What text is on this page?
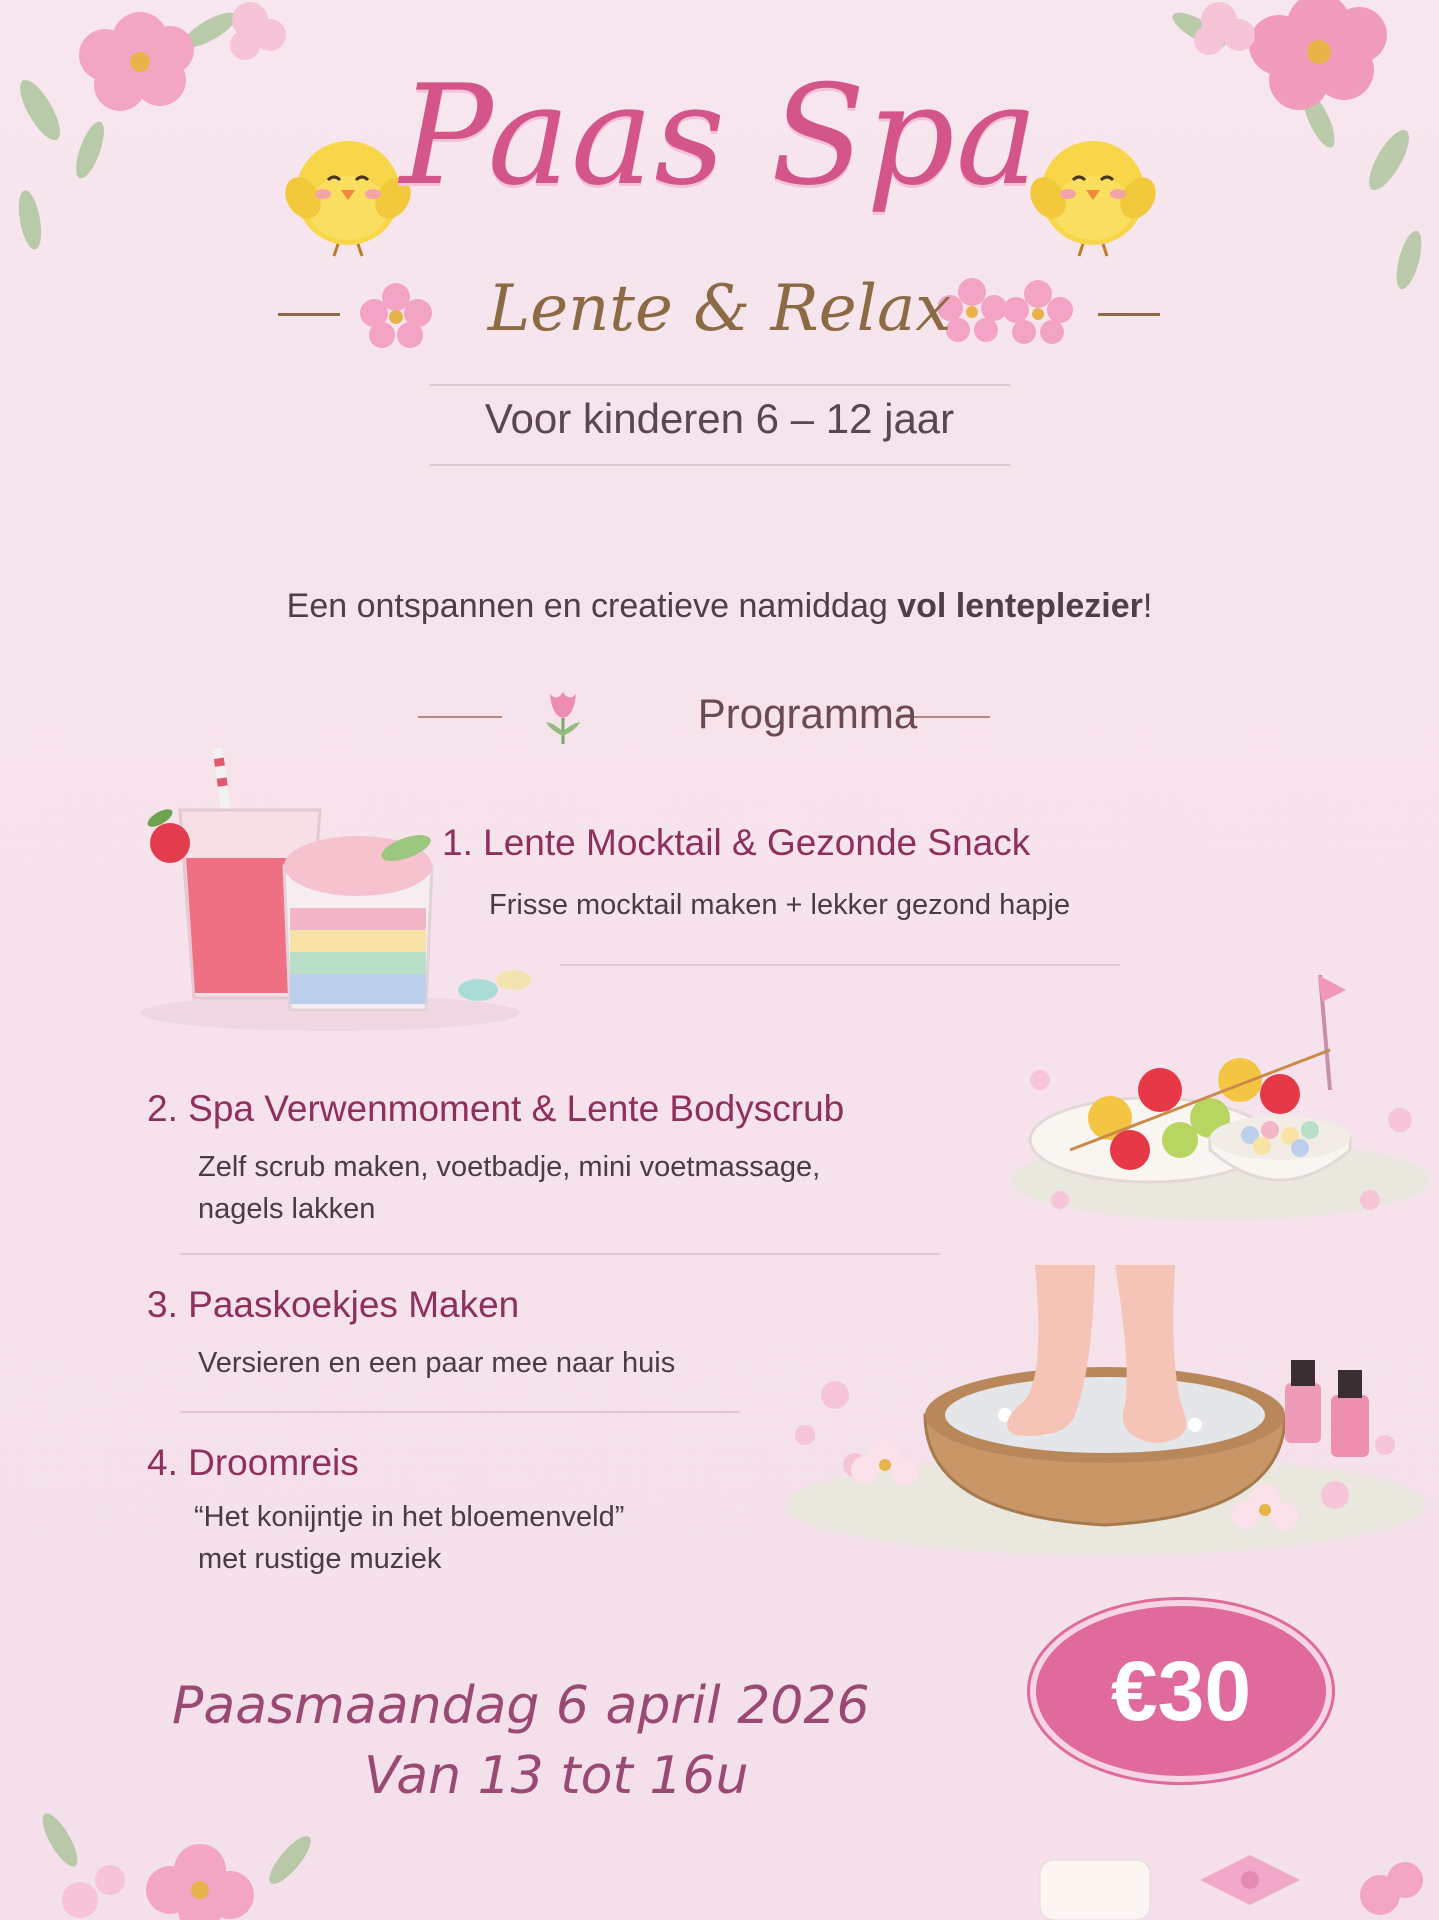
Paas Spa
Lente & Relax
Voor kinderen 6 – 12 jaar
Een ontspannen en creatieve namiddag vol lenteplezier!
Programma
1. Lente Mocktail & Gezonde Snack
Frisse mocktail maken + lekker gezond hapje
2. Spa Verwenmoment & Lente Bodyscrub
Zelf scrub maken, voetbadje, mini voetmassage,
nagels lakken
3. Paaskoekjes Maken
Versieren en een paar mee naar huis
4. Droomreis
“Het konijntje in het bloemenveld”
met rustige muziek
Paasmaandag 6 april 2026
Van 13 tot 16u
€30
